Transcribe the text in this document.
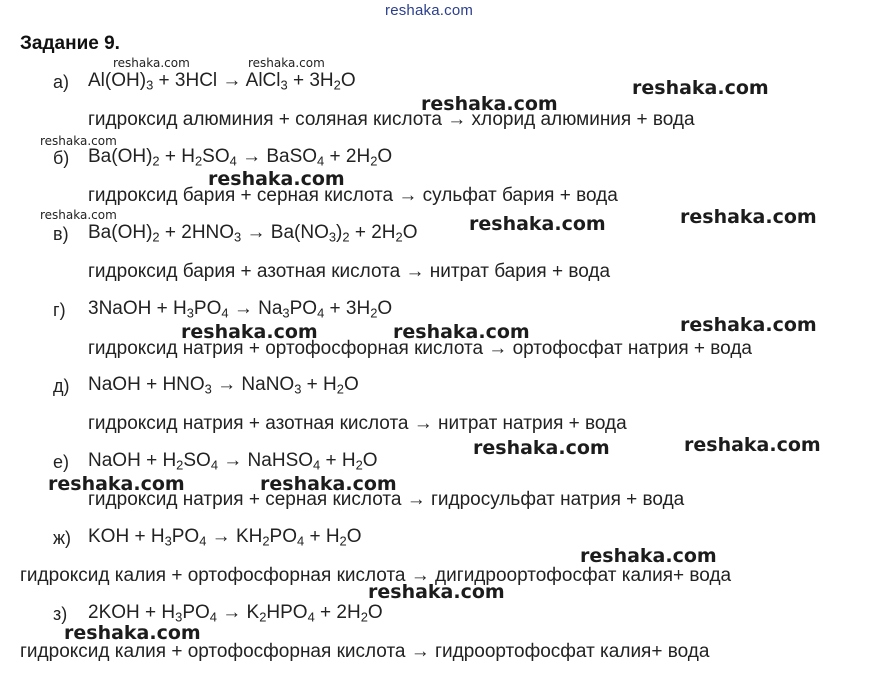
reshaka.com
Задание 9.
а) $Al(OH)_3 + 3HCl$ → AlCl$_3$ + $3H_2O$
гидроксид алюминия + соляная кислота → хлорид алюминия + вода
б) $Ba(OH)_2 + H_2SO_4$ → BaSO$_4$ + $2H_2O$
гидроксид бария + серная кислота → сульфат бария + вода
в) $Ba(OH)_2 + 2HNO_3 \to Ba(NO_3)_2 + 2H_2O$
гидроксид бария + азотная кислота → нитрат бария + вода
г) 3NaOH + $H_3PO_4 \to Na_3PO_4 + 3H_2O$
гидроксид натрия + ортофосфорная кислота → ортофосфат натрия + вода
д) NaOH + $HNO_3$ → NaNO$_3$ + $H_2O$
гидроксид натрия + азотная кислота → нитрат натрия + вода
е) NaOH + $H_2SO_4$ → NaHSO$_4$ + $H_2O$
гидроксид натрия + серная кислота → гидросульфат натрия + вода
ж) KOH + $H_3PO_4 \to KH_2PO_4 + H_2O$
гидроксид калия + ортофосфорная кислота → дигидроортофосфат калия+ вода
з) $2KOH + H_3PO_4 \to K_2HPO_4 + 2H_2O$
гидроксид калия + ортофосфорная кислота → гидроортофосфат калия+ вода
reshaka.com	reshaka.com
reshaka.com
reshaka.com
reshaka.com
reshaka.com
reshaka.com
reshaka.com
reshaka.com
reshaka.com
reshaka.com	reshaka.com
reshaka.com
reshaka.com
reshaka.com	reshaka.com
reshaka.com
reshaka.com
reshaka.com
